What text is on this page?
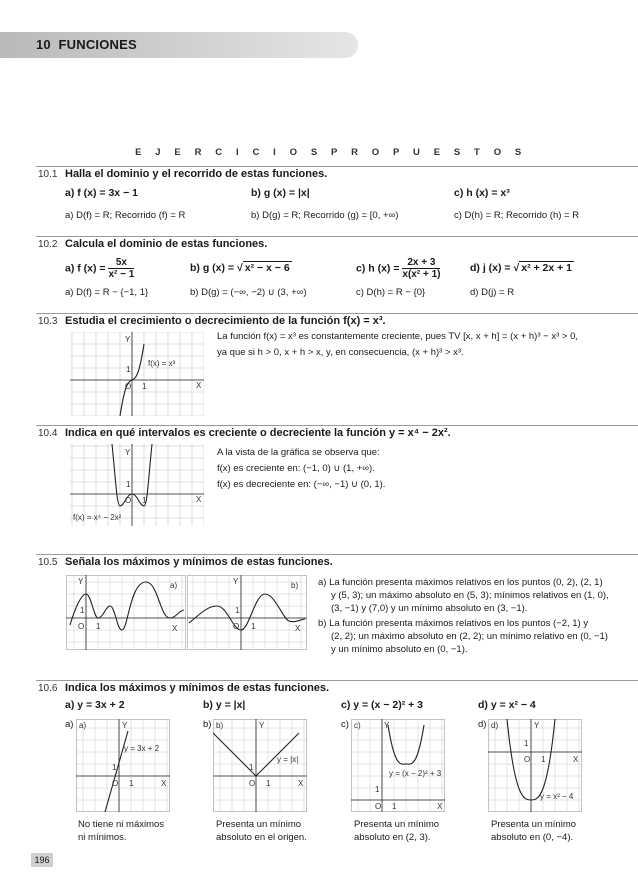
10 FUNCIONES
E J E R C I C I O S P R O P U E S T O S
10.1 Halla el dominio y el recorrido de estas funciones.
a) f (x) = 3x − 1	b) g (x) = |x|	c) h (x) = x³
a) D(f) = R; Recorrido (f) = R	b) D(g) = R; Recorrido (g) = [0, +∞)	c) D(h) = R; Recorrido (h) = R
10.2 Calcula el dominio de estas funciones.
a) f $(x) = \frac{5x}{\text{x² − 1}}$	b) g (x) = √ x² − x − 6	c) h $(x) = \frac{2x + 3}{\text{x(x² + 1)}}$	d) j (x) = √ x² + 2x + 1
a) D(f) = R − {−1, 1}	b) D(g) = (−∞, −2) ∪ (3, +∞)	c) D(h) = R − {0}	d) D(j) = R
10.3 Estudia el crecimiento o decrecimiento de la función f(x) = x³.
Y
X
O 1
1
f(x) = x³
La función f(x) = x³ es constantemente creciente, pues TV [x, x + h] = (x + h)³ − x³ > 0,
ya que si h > 0, x + h > x, y, en consecuencia, (x + h)³ > x³.
10.4 Indica en qué intervalos es creciente o decreciente la función y = x⁴ − 2x².
Y
X
O 1
1
f(x) = x⁴ − 2x²
A la vista de la gráfica se observa que:
f(x) es creciente en: (−1, 0) ∪ (1, +∞).
f(x) es decreciente en: (−∞, −1) ∪ (0, 1).
10.5 Señala los máximos y mínimos de estas funciones.
Y
X
O 1
1
a)	Y
X
O 1
1
b) a) La función presenta máximos relativos en los puntos (0, 2), (2, 1)
y (5, 3); un máximo absoluto en (5, 3); mínimos relativos en (1, 0),
(3, −1) y (7,0) y un mínimo absoluto en (3, −1).
b) La función presenta máximos relativos en los puntos (−2, 1) y
(2, 2); un máximo absoluto en (2, 2); un mínimo relativo en (0, −1)
y un mínimo absoluto en (0, −1).
10.6 Indica los máximos y mínimos de estas funciones.
a) y = 3x + 2	b) y = |x|	c) y = (x − 2)² + 3	d) y = x² − 4
a)	b)	c)	d)
a)	Y
X
O 1
1
y = 3x + 2
b)	Y
X
O 1
1
y = |x|
c)	Y
X
O 1
1
y = (x − 2)² + 3
d)	Y
X
O 1
1
y = x² − 4
No tiene ni máximos
ni mínimos.
Presenta un mínimo
absoluto en el origen.
Presenta un mínimo
absoluto en (2, 3).
Presenta un mínimo
absoluto en (0, −4).
196
